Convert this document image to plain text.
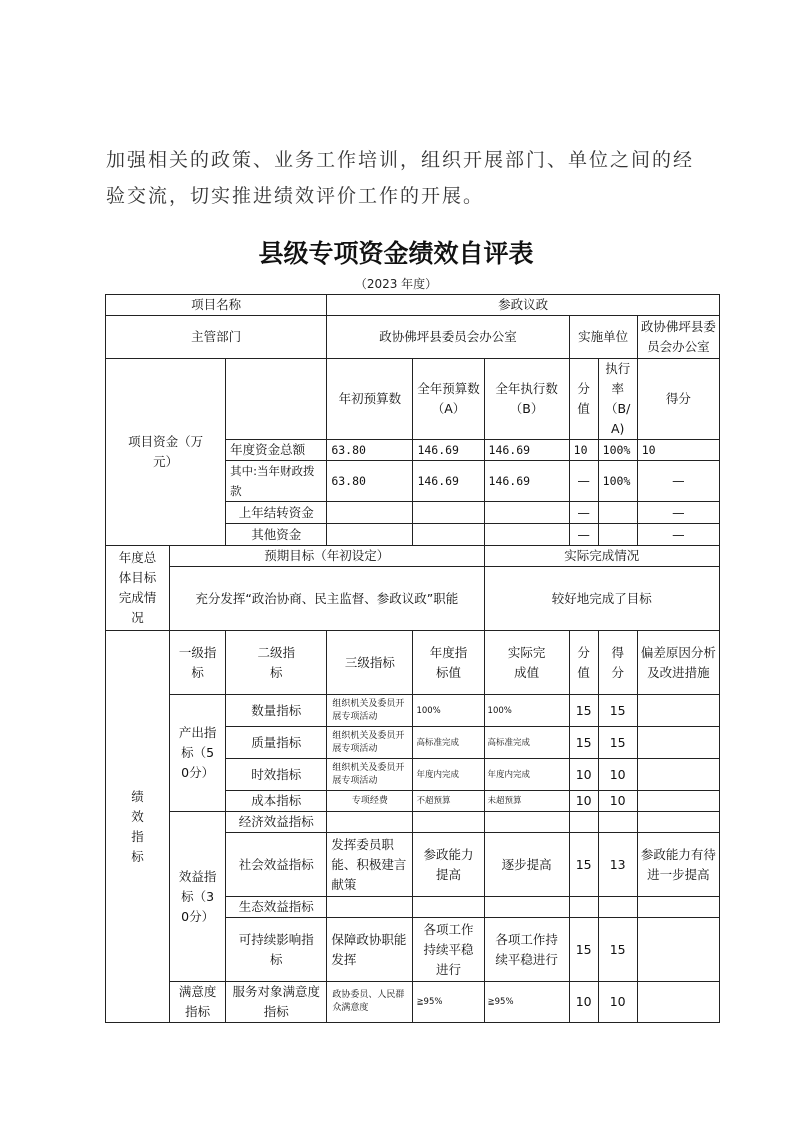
加强相关的政策、业务工作培训，组织开展部门、单位之间的经
验交流，切实推进绩效评价工作的开展。
县级专项资金绩效自评表
（2023 年度）
项目名称			参政议政					
主管部门			政协佛坪县委员会办公室			实施单位		政协佛坪县委员会办公室
项目资金（万元）			年初预算数	全年预算数（A）	全年执行数（B）	分值	执行率（B/A)	得分
		年度资金总额	63.80	146.69	146.69	10	100%	10
		其中:当年财政拨款	63.80	146.69	146.69	—	100%	—
		上年结转资金				—		—
		其他资金				—		—
年度总体目标完成情况	预期目标（年初设定）				实际完成情况			
	充分发挥“政治协商、民主监督、参政议政”职能				较好地完成了目标			
绩效指标	一级指标	二级指标	三级指标	年度指标值	实际完成值	分值	得分	偏差原因分析及改进措施
	产出指标（50分）	数量指标	组织机关及委员开展专项活动	100%	100%	15	15	
		质量指标	组织机关及委员开展专项活动	高标准完成	高标准完成	15	15	
		时效指标	组织机关及委员开展专项活动	年度内完成	年度内完成	10	10	
		成本指标	专项经费	不超预算	未超预算	10	10	
	效益指标（30分）	经济效益指标						
		社会效益指标	发挥委员职能、积极建言献策	参政能力提高	逐步提高	15	13	参政能力有待进一步提高
		生态效益指标						
		可持续影响指标	保障政协职能发挥	各项工作持续平稳进行	各项工作持续平稳进行	15	15	
	满意度指标	服务对象满意度指标	政协委员、人民群众满意度	≧95%	≧95%	10	10	
